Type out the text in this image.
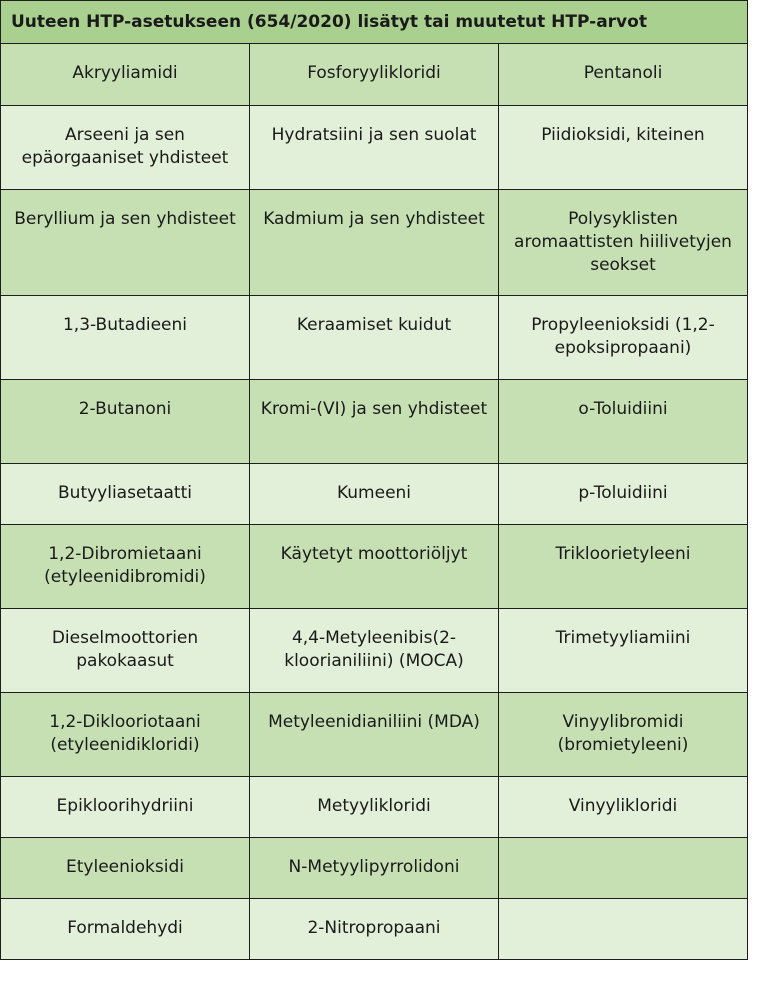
Uuteen HTP-asetukseen (654/2020) lisätyt tai muutetut HTP-arvot		
Akryyliamidi	Fosforyylikloridi	Pentanoli
Arseeni ja sen epäorgaaniset yhdisteet	Hydratsiini ja sen suolat	Piidioksidi, kiteinen
Beryllium ja sen yhdisteet	Kadmium ja sen yhdisteet	Polysyklisten aromaattisten hiilivetyjen seokset
1,3-Butadieeni	Keraamiset kuidut	Propyleenioksidi (1,2-epoksipropaani)
2-Butanoni	Kromi-(VI) ja sen yhdisteet	o-Toluidiini
Butyyliasetaatti	Kumeeni	p-Toluidiini
1,2-Dibromietaani (etyleenidibromidi)	Käytetyt moottoriöljyt	Trikloorietyleeni
Dieselmoottorien pakokaasut	4,4-Metyleenibis(2-kloorianiliini) (MOCA)	Trimetyyliamiini
1,2-Diklooriotaani (etyleenidikloridi)	Metyleenidianiliini (MDA)	Vinyylibromidi (bromietyleeni)
Epikloorihydriini	Metyylikloridi	Vinyylikloridi
Etyleenioksidi	N-Metyylipyrrolidoni	
Formaldehydi	2-Nitropropaani	
